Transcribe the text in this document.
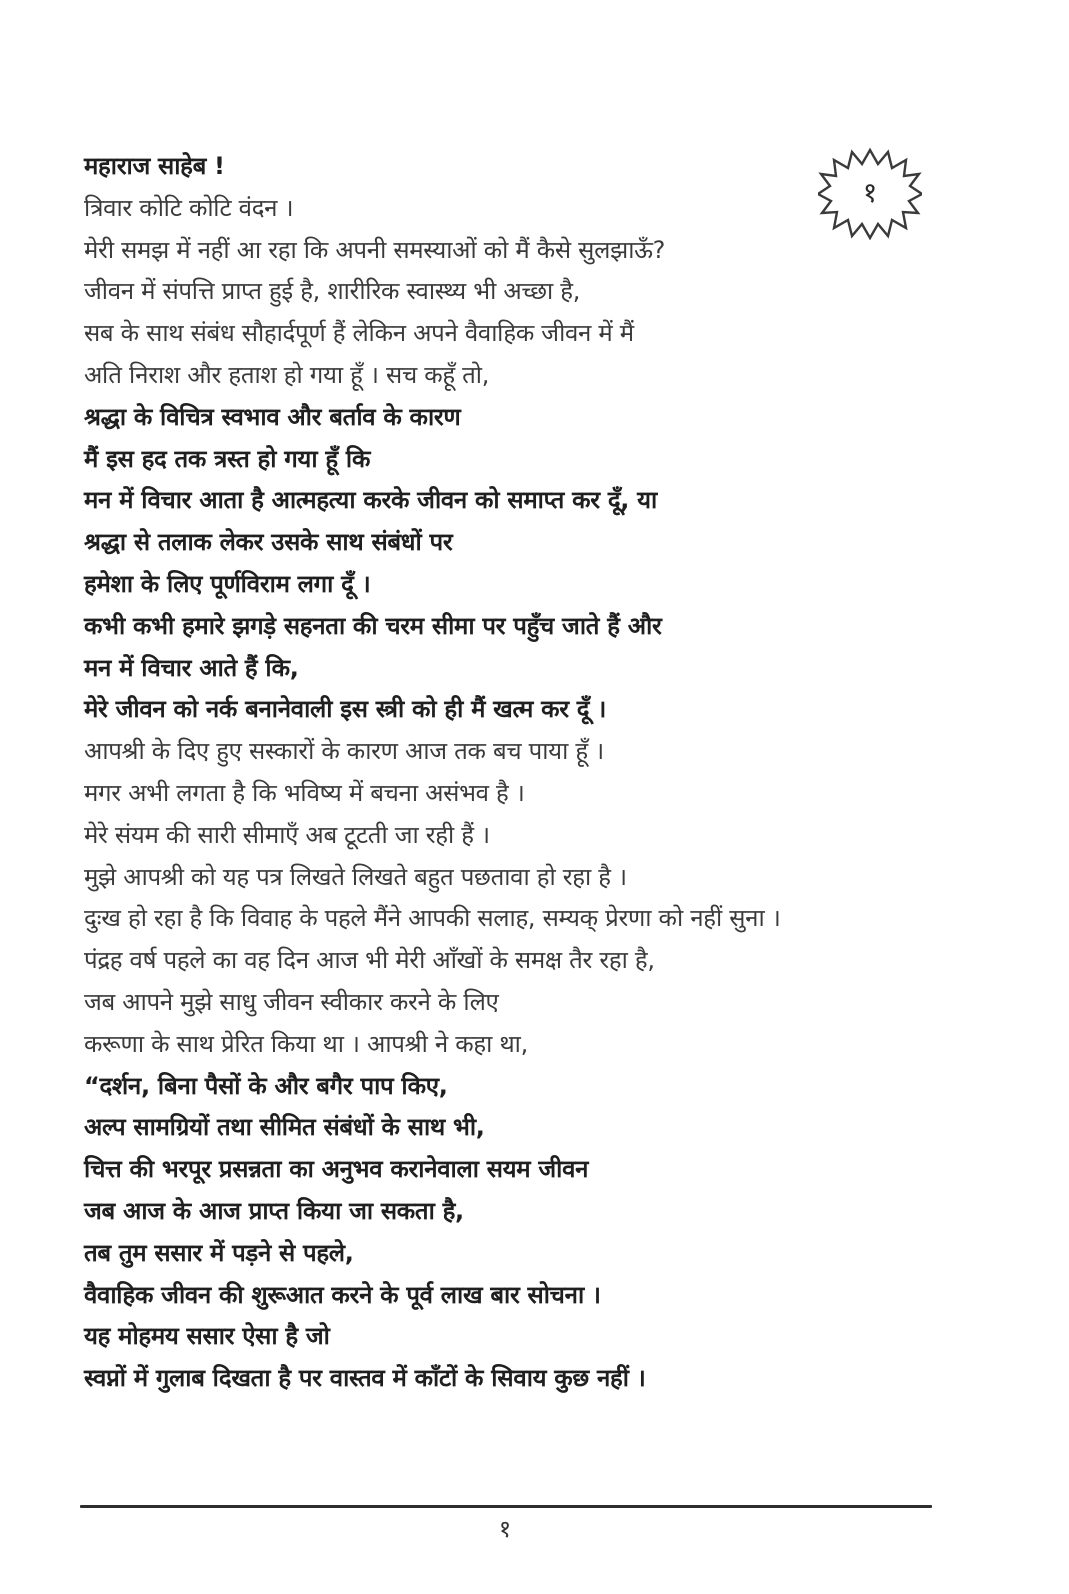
१
महाराज साहेब !
त्रिवार कोटि कोटि वंदन ।
मेरी समझ में नहीं आ रहा कि अपनी समस्याओं को मैं कैसे सुलझाऊँ?
जीवन में संपत्ति प्राप्त हुई है, शारीरिक स्वास्थ्य भी अच्छा है,
सब के साथ संबंध सौहार्दपूर्ण हैं लेकिन अपने वैवाहिक जीवन में मैं
अति निराश और हताश हो गया हूँ । सच कहूँ तो,
श्रद्धा के विचित्र स्वभाव और बर्ताव के कारण
मैं इस हद तक त्रस्त हो गया हूँ कि
मन में विचार आता है आत्महत्या करके जीवन को समाप्त कर दूँ, या
श्रद्धा से तलाक लेकर उसके साथ संबंधों पर
हमेशा के लिए पूर्णविराम लगा दूँ ।
कभी कभी हमारे झगड़े सहनता की चरम सीमा पर पहुँच जाते हैं और
मन में विचार आते हैं कि,
मेरे जीवन को नर्क बनानेवाली इस स्त्री को ही मैं खत्म कर दूँ ।
आपश्री के दिए हुए सस्कारों के कारण आज तक बच पाया हूँ ।
मगर अभी लगता है कि भविष्य में बचना असंभव है ।
मेरे संयम की सारी सीमाएँ अब टूटती जा रही हैं ।
मुझे आपश्री को यह पत्र लिखते लिखते बहुत पछतावा हो रहा है ।
दुःख हो रहा है कि विवाह के पहले मैंने आपकी सलाह, सम्यक् प्रेरणा को नहीं सुना ।
पंद्रह वर्ष पहले का वह दिन आज भी मेरी आँखों के समक्ष तैर रहा है,
जब आपने मुझे साधु जीवन स्वीकार करने के लिए
करूणा के साथ प्रेरित किया था । आपश्री ने कहा था,
“दर्शन, बिना पैसों के और बगैर पाप किए,
अल्प सामग्रियों तथा सीमित संबंधों के साथ भी,
चित्त की भरपूर प्रसन्नता का अनुभव करानेवाला सयम जीवन
जब आज के आज प्राप्त किया जा सकता है,
तब तुम ससार में पड़ने से पहले,
वैवाहिक जीवन की शुरूआत करने के पूर्व लाख बार सोचना ।
यह मोहमय ससार ऐसा है जो
स्वप्नों में गुलाब दिखता है पर वास्तव में काँटों के सिवाय कुछ नहीं ।
१
